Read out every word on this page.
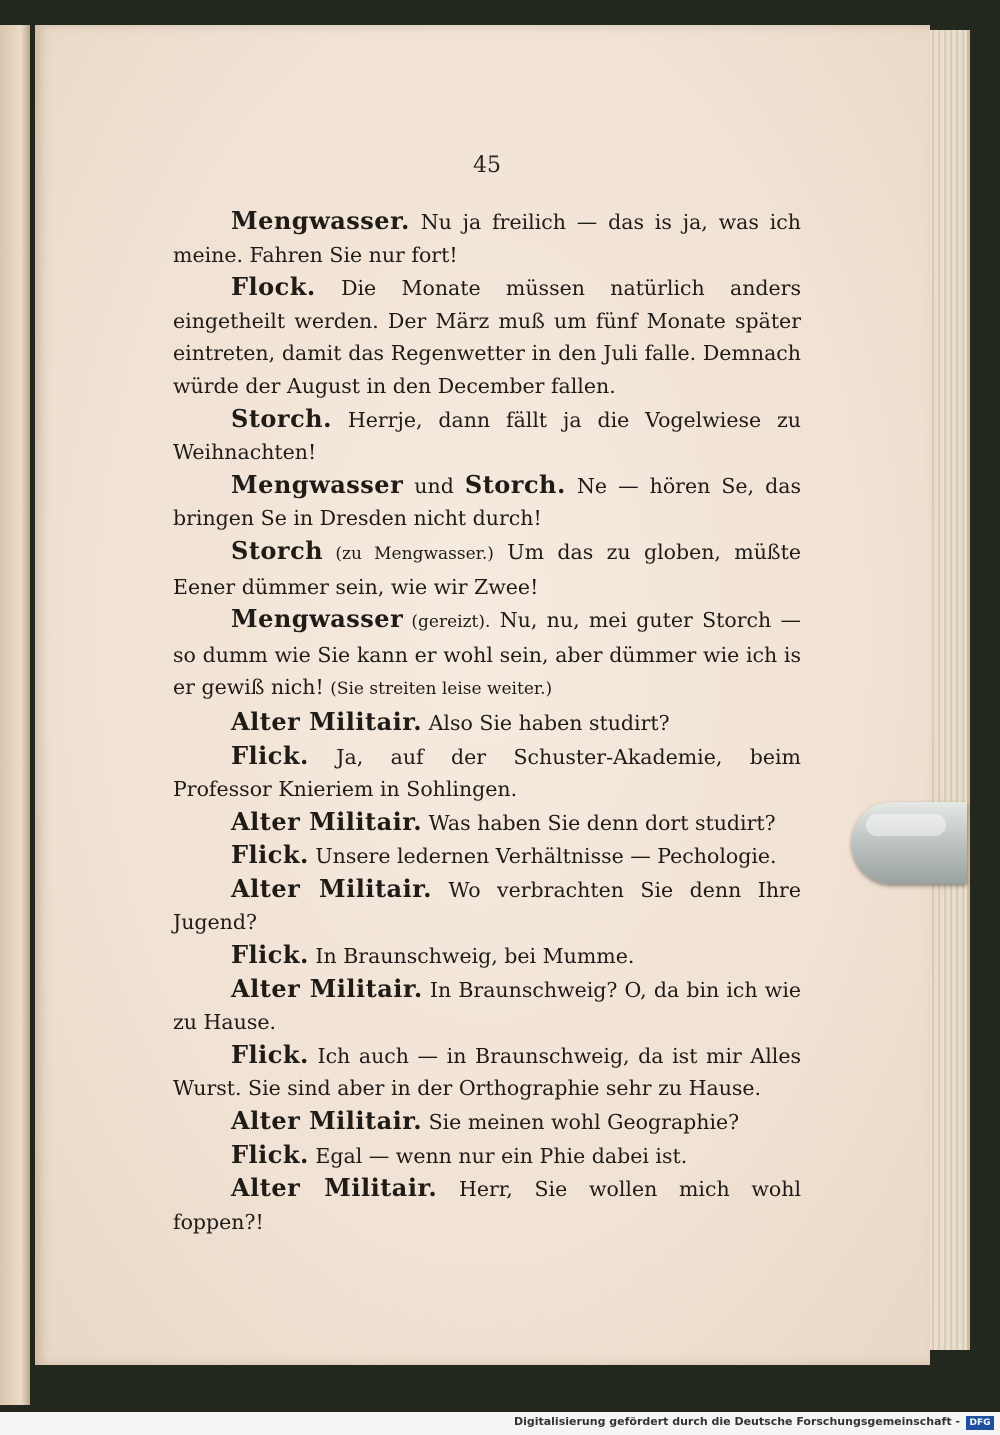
45

Mengwasser. Nu ja freilich — das is ja, was ich meine. Fahren Sie nur fort!

Flock. Die Monate müssen natürlich anders eingetheilt werden. Der März muß um fünf Monate später eintreten, damit das Regenwetter in den Juli falle. Demnach würde der August in den December fallen.

Storch. Herrje, dann fällt ja die Vogelwiese zu Weihnachten!

Mengwasser und Storch. Ne — hören Se, das bringen Se in Dresden nicht durch!

Storch (zu Mengwasser.) Um das zu globen, müßte Eener dümmer sein, wie wir Zwee!

Mengwasser (gereizt). Nu, nu, mei guter Storch — so dumm wie Sie kann er wohl sein, aber dümmer wie ich is er gewiß nich! (Sie streiten leise weiter.)

Alter Militair. Also Sie haben studirt?

Flick. Ja, auf der Schuster-Akademie, beim Professor Knieriem in Sohlingen.

Alter Militair. Was haben Sie denn dort studirt?

Flick. Unsere ledernen Verhältnisse — Pechologie.

Alter Militair. Wo verbrachten Sie denn Ihre Jugend?

Flick. In Braunschweig, bei Mumme.

Alter Militair. In Braunschweig? O, da bin ich wie zu Hause.

Flick. Ich auch — in Braunschweig, da ist mir Alles Wurst. Sie sind aber in der Orthographie sehr zu Hause.

Alter Militair. Sie meinen wohl Geographie?

Flick. Egal — wenn nur ein Phie dabei ist.

Alter Militair. Herr, Sie wollen mich wohl foppen?!

Digitalisierung gefördert durch die Deutsche Forschungsgemeinschaft -	DFG
